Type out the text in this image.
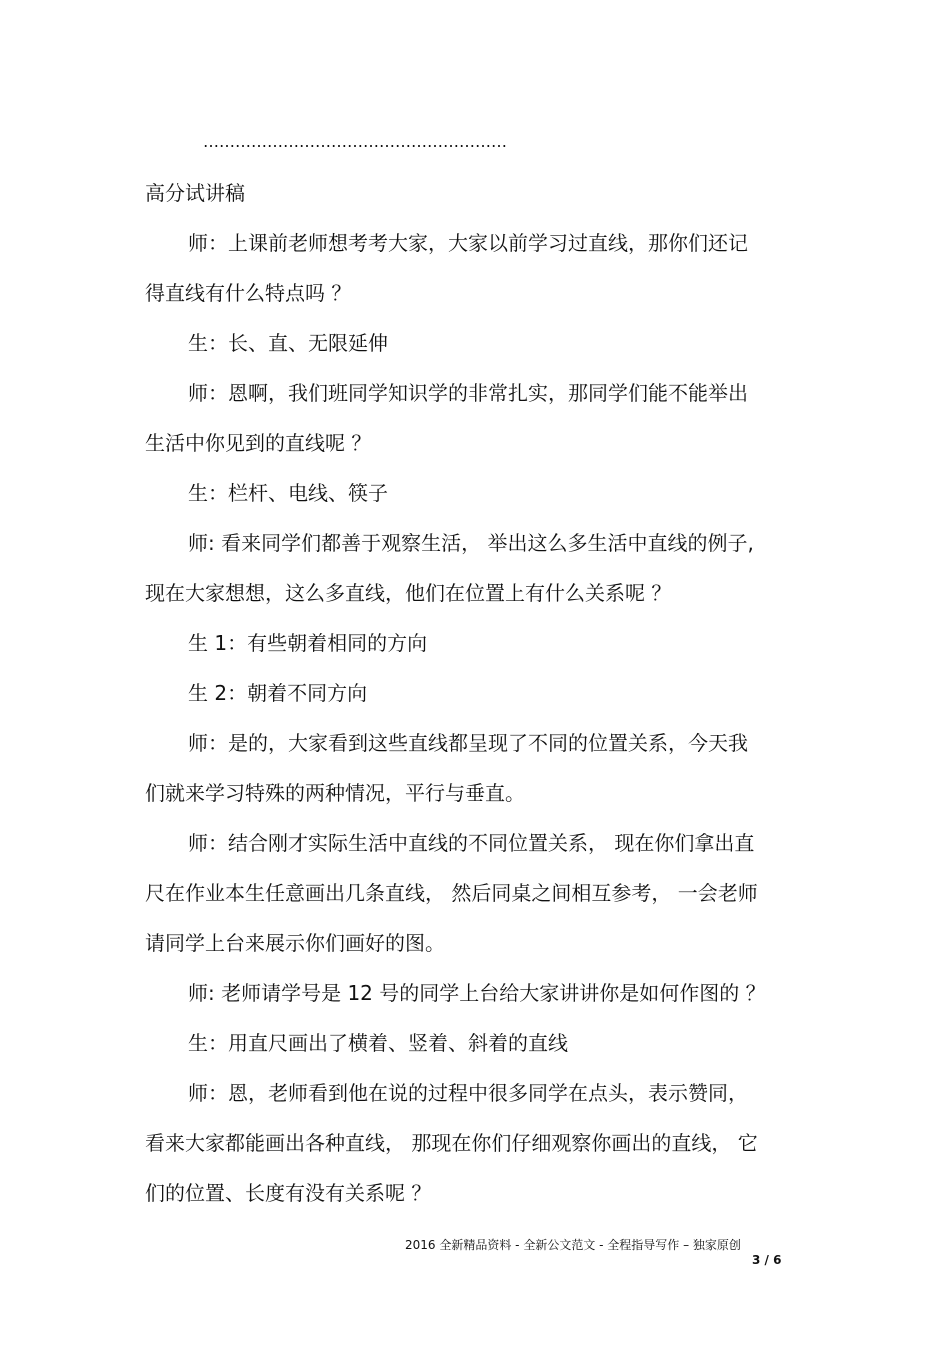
…………………………………………………
高分试讲稿
师：上课前老师想考考大家，大家以前学习过直线，那你们还记
得直线有什么特点吗 ？
生：长、直、无限延伸
师：恩啊，我们班同学知识学的非常扎实，那同学们能不能举出
生活中你见到的直线呢 ？
生：栏杆、电线、筷子
师: 看来同学们都善于观察生活， 举出这么多生活中直线的例子,
现在大家想想，这么多直线，他们在位置上有什么关系呢 ？
生 1：有些朝着相同的方向
生 2：朝着不同方向
师：是的，大家看到这些直线都呈现了不同的位置关系，今天我
们就来学习特殊的两种情况，平行与垂直。
师：结合刚才实际生活中直线的不同位置关系， 现在你们拿出直
尺在作业本生任意画出几条直线， 然后同桌之间相互参考， 一会老师
请同学上台来展示你们画好的图。
师: 老师请学号是 12 号的同学上台给大家讲讲你是如何作图的 ？
生：用直尺画出了横着、竖着、斜着的直线
师：恩，老师看到他在说的过程中很多同学在点头，表示赞同，
看来大家都能画出各种直线， 那现在你们仔细观察你画出的直线， 它
们的位置、长度有没有关系呢 ？
2016 全新精品资料 - 全新公文范文 - 全程指导写作 – 独家原创
3 / 6
